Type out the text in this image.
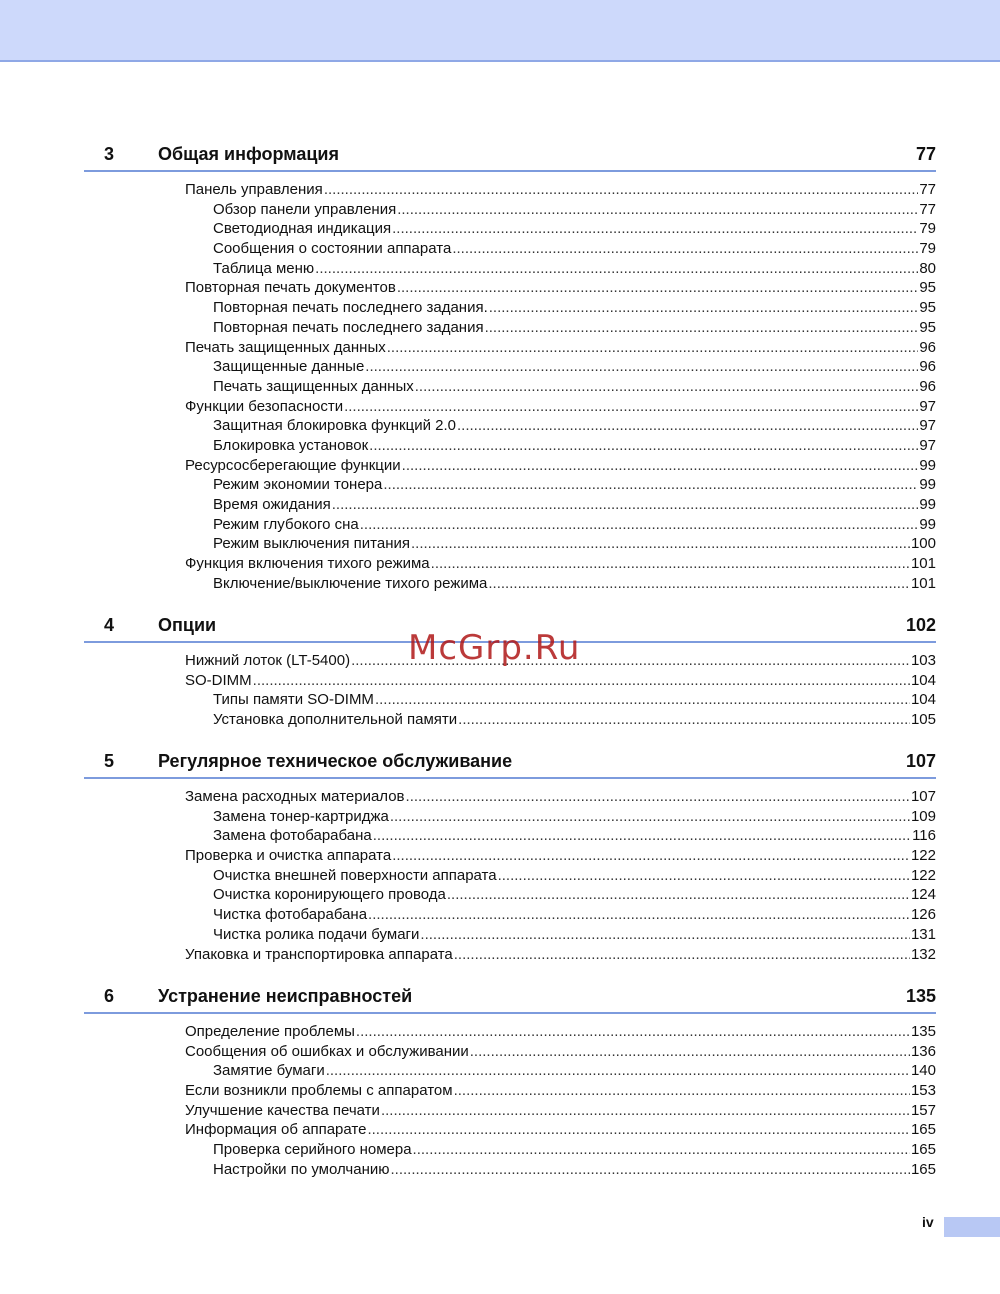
3 Общая информация	77
Панель управления .....	77
Обзор панели управления .....	77
Светодиодная индикация .....	79
Сообщения о состоянии аппарата .....	79
Таблица меню .....	80
Повторная печать документов .....	95
Повторная печать последнего задания. .....	95
Повторная печать последнего задания .....	95
Печать защищенных данных .....	96
Защищенные данные .....	96
Печать защищенных данных .....	96
Функции безопасности .....	97
Защитная блокировка функций 2.0 .....	97
Блокировка установок .....	97
Ресурсосберегающие функции .....	99
Режим экономии тонера .....	99
Время ожидания .....	99
Режим глубокого сна .....	99
Режим выключения питания .....	100
Функция включения тихого режима .....	101
Включение/выключение тихого режима .....	101
4 Опции	102
Нижний лоток (LT-5400) .....	103
SO-DIMM .....	104
Типы памяти SO-DIMM .....	104
Установка дополнительной памяти .....	105
5 Регулярное техническое обслуживание	107
Замена расходных материалов .....	107
Замена тонер-картриджа .....	109
Замена фотобарабана .....	116
Проверка и очистка аппарата .....	122
Очистка внешней поверхности аппарата .....	122
Очистка коронирующего провода .....	124
Чистка фотобарабана .....	126
Чистка ролика подачи бумаги .....	131
Упаковка и транспортировка аппарата .....	132
6 Устранение неисправностей	135
Определение проблемы .....	135
Сообщения об ошибках и обслуживании .....	136
Замятие бумаги .....	140
Если возникли проблемы с аппаратом .....	153
Улучшение качества печати .....	157
Информация об аппарате .....	165
Проверка серийного номера .....	165
Настройки по умолчанию .....	165
McGrp.Ru
iv
